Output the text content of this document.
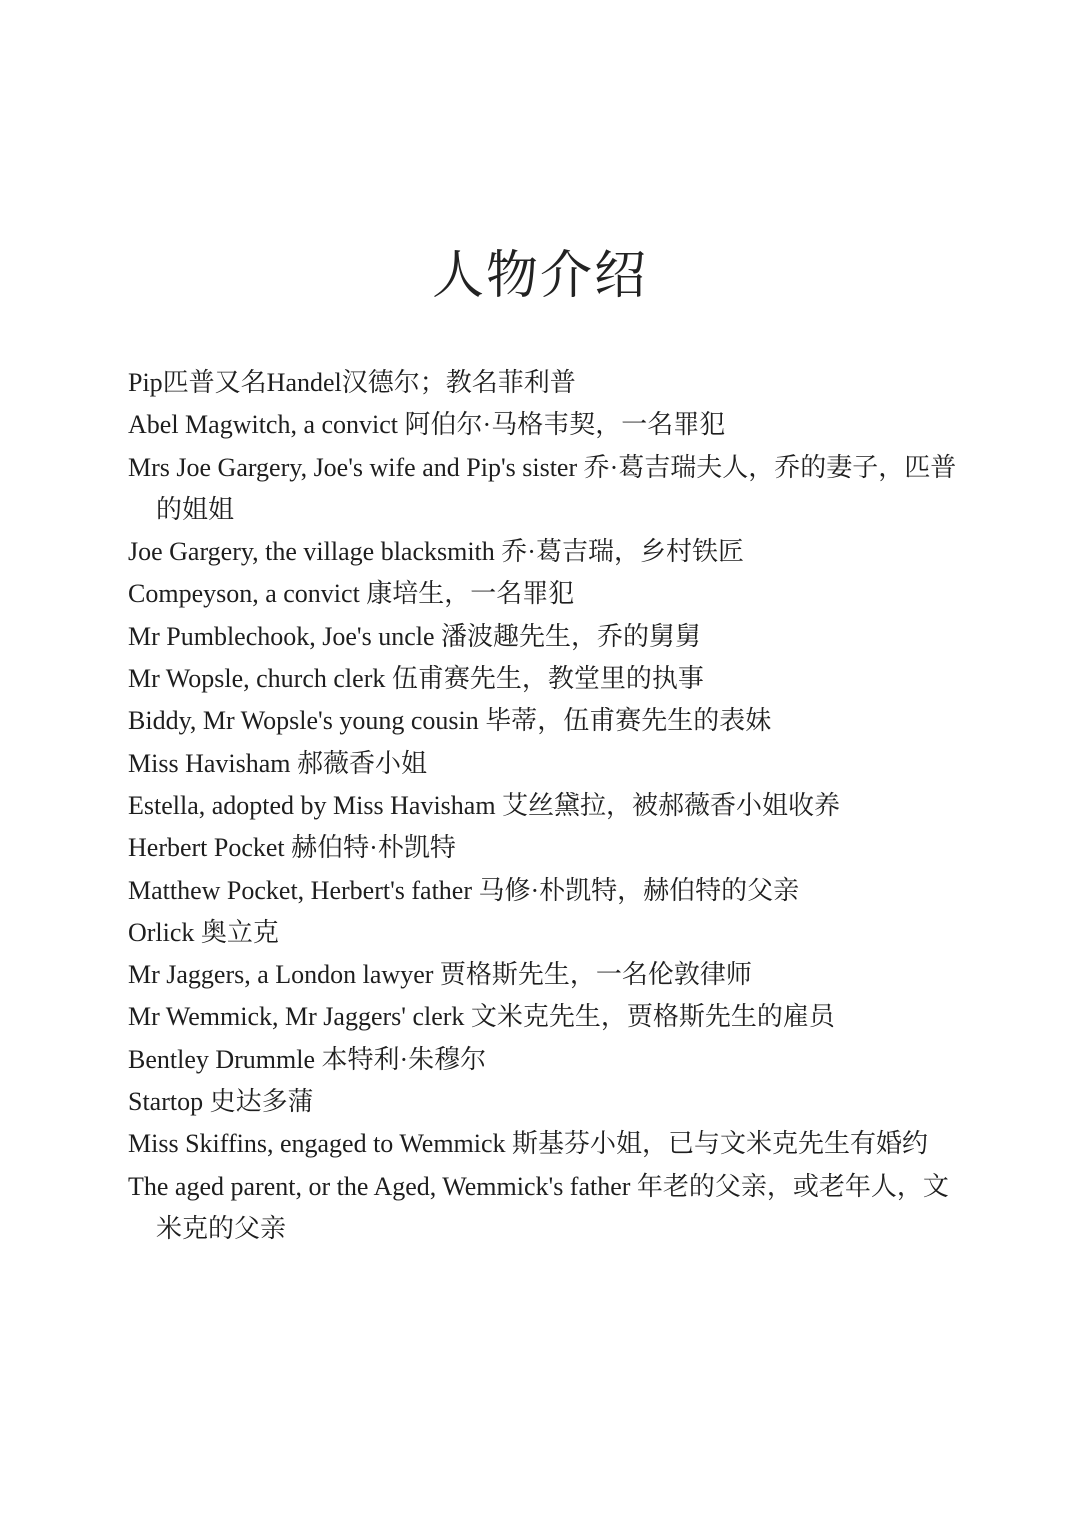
人物介绍
Pip匹普又名Handel汉德尔；教名菲利普
Abel Magwitch, a convict 阿伯尔·马格韦契，一名罪犯
Mrs Joe Gargery, Joe's wife and Pip's sister 乔·葛吉瑞夫人，乔的妻子，匹普的姐姐
Joe Gargery, the village blacksmith 乔·葛吉瑞，乡村铁匠
Compeyson, a convict 康培生，一名罪犯
Mr Pumblechook, Joe's uncle 潘波趣先生，乔的舅舅
Mr Wopsle, church clerk 伍甫赛先生，教堂里的执事
Biddy, Mr Wopsle's young cousin 毕蒂，伍甫赛先生的表妹
Miss Havisham 郝薇香小姐
Estella, adopted by Miss Havisham 艾丝黛拉，被郝薇香小姐收养
Herbert Pocket 赫伯特·朴凯特
Matthew Pocket, Herbert's father 马修·朴凯特，赫伯特的父亲
Orlick 奥立克
Mr Jaggers, a London lawyer 贾格斯先生，一名伦敦律师
Mr Wemmick, Mr Jaggers' clerk 文米克先生，贾格斯先生的雇员
Bentley Drummle 本特利·朱穆尔
Startop 史达多蒲
Miss Skiffins, engaged to Wemmick 斯基芬小姐，已与文米克先生有婚约
The aged parent, or the Aged, Wemmick's father 年老的父亲，或老年人，文米克的父亲
